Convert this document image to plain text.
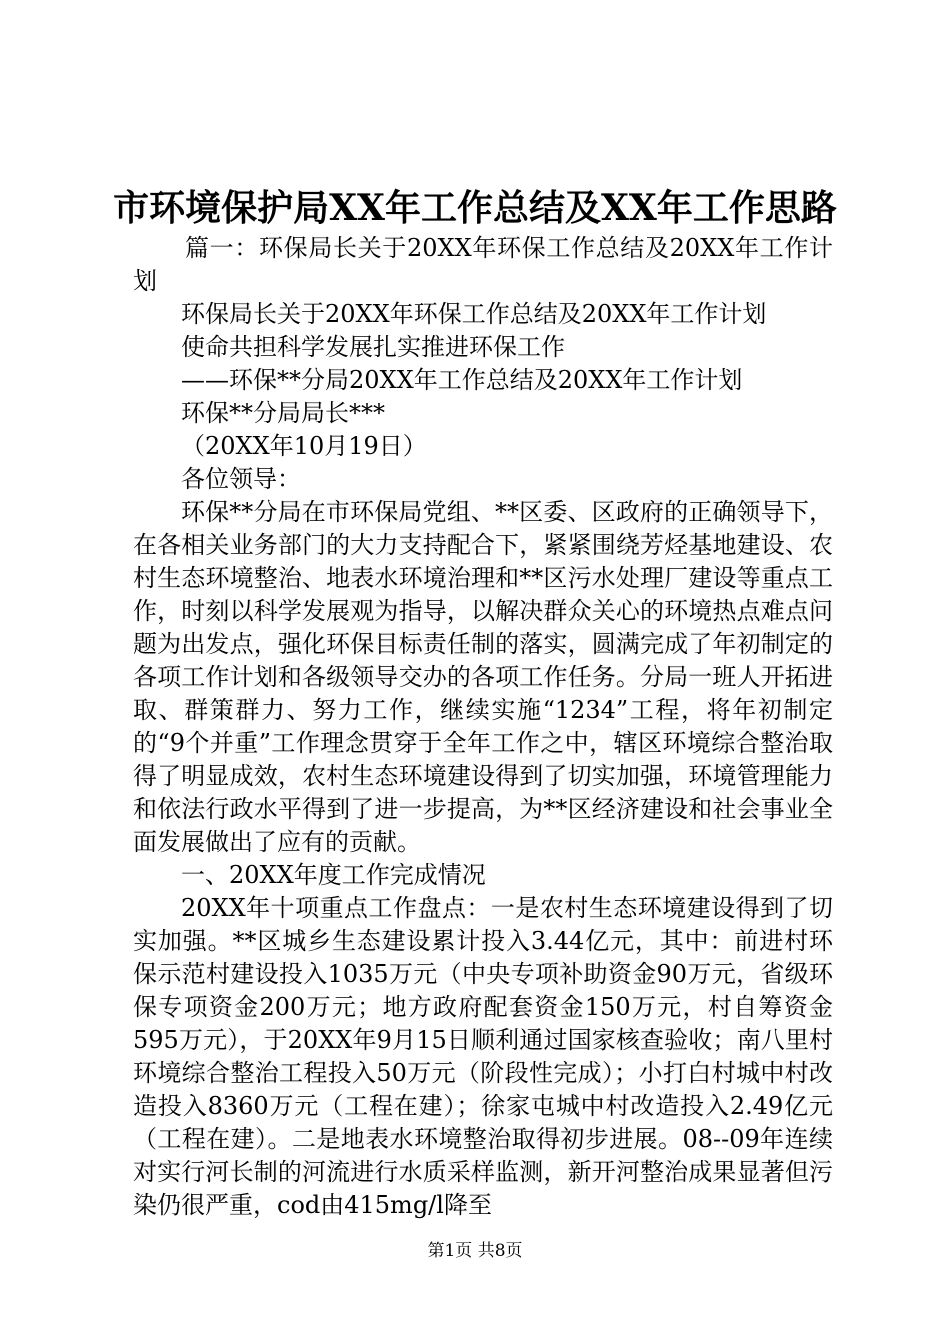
市环境保护局XX年工作总结及XX年工作思路

篇一：环保局长关于20XX年环保工作总结及20XX年工作计划

环保局长关于20XX年环保工作总结及20XX年工作计划

使命共担科学发展扎实推进环保工作

——环保**分局20XX年工作总结及20XX年工作计划

环保**分局局长***

（20XX年10月19日）

各位领导：

环保**分局在市环保局党组、**区委、区政府的正确领导下，在各相关业务部门的大力支持配合下，紧紧围绕芳烃基地建设、农村生态环境整治、地表水环境治理和**区污水处理厂建设等重点工作，时刻以科学发展观为指导，以解决群众关心的环境热点难点问题为出发点，强化环保目标责任制的落实，圆满完成了年初制定的各项工作计划和各级领导交办的各项工作任务。分局一班人开拓进取、群策群力、努力工作，继续实施“1234”工程，将年初制定的“9个并重”工作理念贯穿于全年工作之中，辖区环境综合整治取得了明显成效，农村生态环境建设得到了切实加强，环境管理能力和依法行政水平得到了进一步提高，为**区经济建设和社会事业全面发展做出了应有的贡献。

一、20XX年度工作完成情况

20XX年十项重点工作盘点：一是农村生态环境建设得到了切实加强。**区城乡生态建设累计投入3.44亿元，其中：前进村环保示范村建设投入1035万元（中央专项补助资金90万元，省级环保专项资金200万元；地方政府配套资金150万元，村自筹资金595万元），于20XX年9月15日顺利通过国家核查验收；南八里村环境综合整治工程投入50万元（阶段性完成）；小打白村城中村改造投入8360万元（工程在建）；徐家屯城中村改造投入2.49亿元（工程在建）。二是地表水环境整治取得初步进展。08--09年连续对实行河长制的河流进行水质采样监测，新开河整治成果显著但污染仍很严重，cod由415mg/l降至

第1页 共8页
